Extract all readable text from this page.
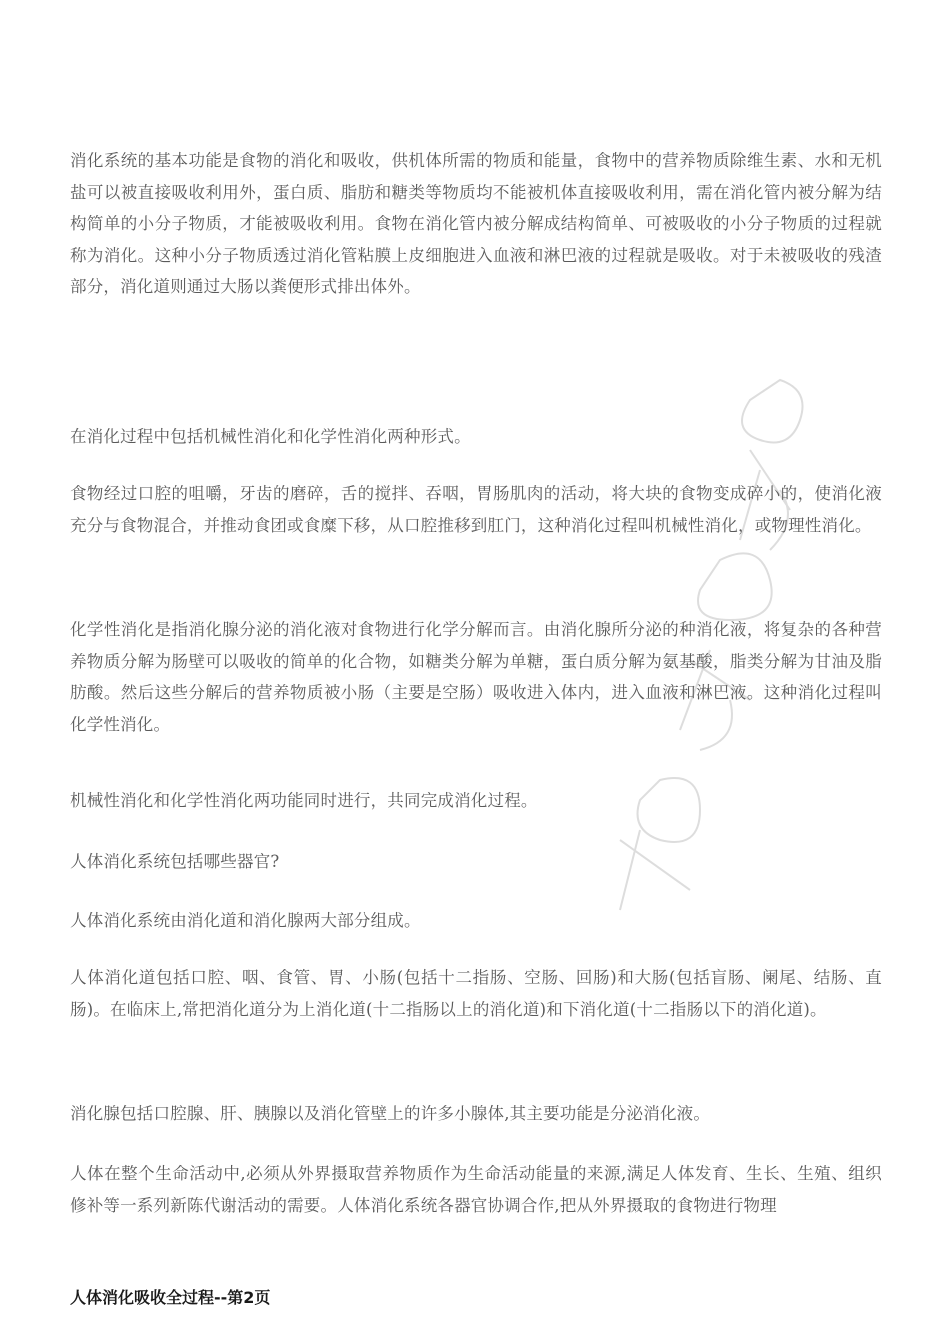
消化系统的基本功能是食物的消化和吸收，供机体所需的物质和能量，食物中的营养物质除维生素、水和无机盐可以被直接吸收利用外，蛋白质、脂肪和糖类等物质均不能被机体直接吸收利用，需在消化管内被分解为结构简单的小分子物质，才能被吸收利用。食物在消化管内被分解成结构简单、可被吸收的小分子物质的过程就称为消化。这种小分子物质透过消化管粘膜上皮细胞进入血液和淋巴液的过程就是吸收。对于未被吸收的残渣部分，消化道则通过大肠以粪便形式排出体外。

在消化过程中包括机械性消化和化学性消化两种形式。

食物经过口腔的咀嚼，牙齿的磨碎，舌的搅拌、吞咽，胃肠肌肉的活动，将大块的食物变成碎小的，使消化液充分与食物混合，并推动食团或食糜下移，从口腔推移到肛门，这种消化过程叫机械性消化，或物理性消化。

化学性消化是指消化腺分泌的消化液对食物进行化学分解而言。由消化腺所分泌的种消化液，将复杂的各种营养物质分解为肠壁可以吸收的简单的化合物，如糖类分解为单糖，蛋白质分解为氨基酸，脂类分解为甘油及脂肪酸。然后这些分解后的营养物质被小肠（主要是空肠）吸收进入体内，进入血液和淋巴液。这种消化过程叫化学性消化。

机械性消化和化学性消化两功能同时进行，共同完成消化过程。

人体消化系统包括哪些器官?

人体消化系统由消化道和消化腺两大部分组成。

人体消化道包括口腔、咽、食管、胃、小肠(包括十二指肠、空肠、回肠)和大肠(包括盲肠、阑尾、结肠、直肠)。在临床上,常把消化道分为上消化道(十二指肠以上的消化道)和下消化道(十二指肠以下的消化道)。

消化腺包括口腔腺、肝、胰腺以及消化管壁上的许多小腺体,其主要功能是分泌消化液。

人体在整个生命活动中,必须从外界摄取营养物质作为生命活动能量的来源,满足人体发育、生长、生殖、组织修补等一系列新陈代谢活动的需要。人体消化系统各器官协调合作,把从外界摄取的食物进行物理

人体消化吸收全过程--第2页
